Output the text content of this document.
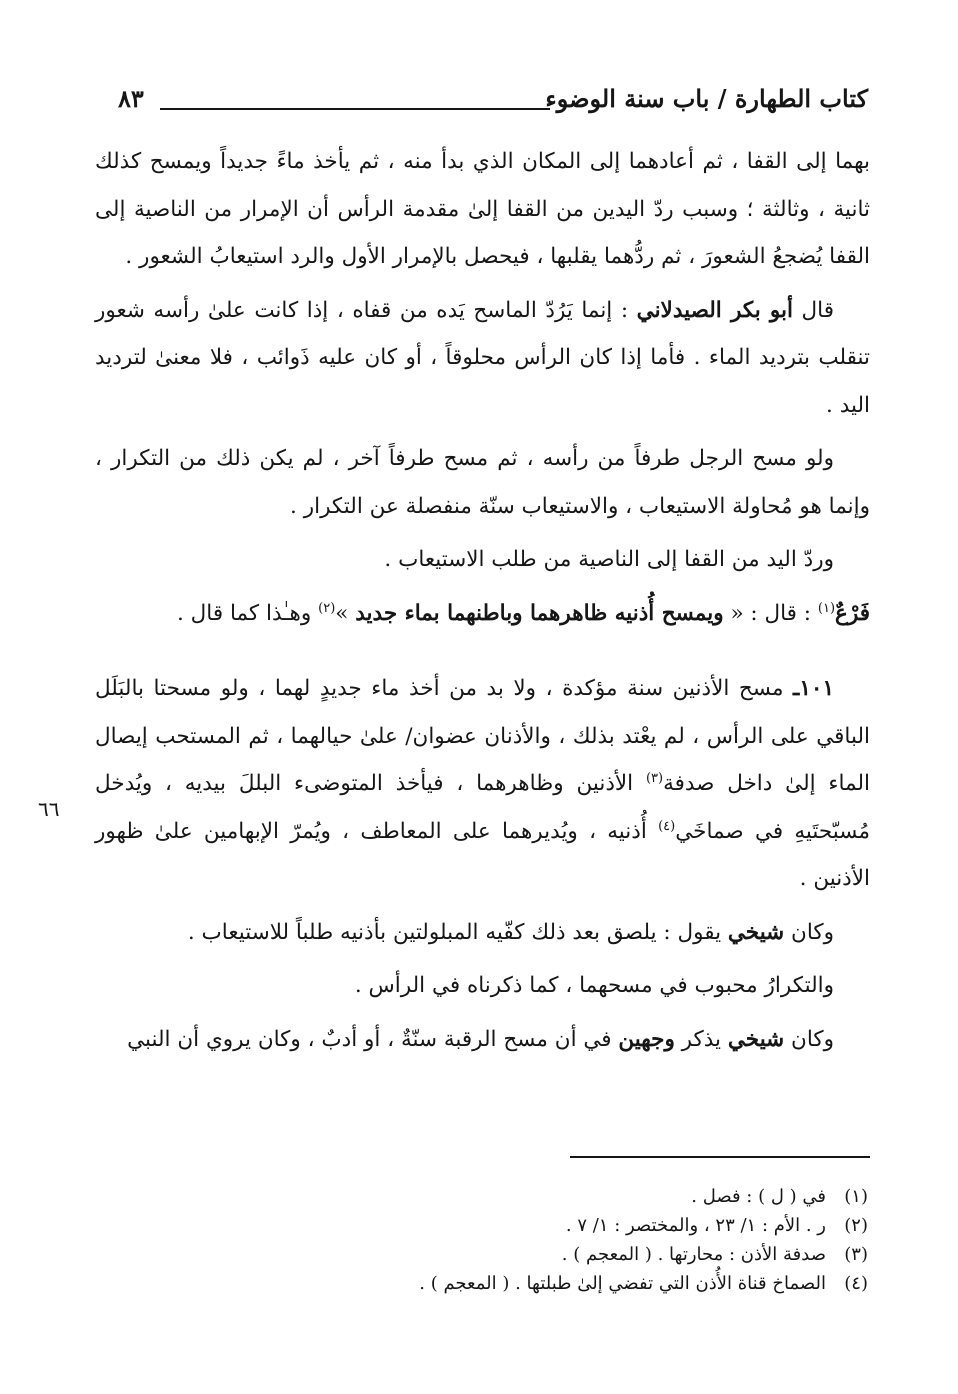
كتاب الطهارة / باب سنة الوضوء
٨٣
٦٦

بهما إلى القفا ، ثم أعادهما إلى المكان الذي بدأ منه ، ثم يأخذ ماءً جديداً ويمسح كذلك ثانية ، وثالثة ؛ وسبب ردّ اليدين من القفا إلىٰ مقدمة الرأس أن الإمرار من الناصية إلى القفا يُضجعُ الشعورَ ، ثم ردُّهما يقلبها ، فيحصل بالإمرار الأول والرد استيعابُ الشعور .

قال أبو بكر الصيدلاني : إنما يَرُدّ الماسح يَده من قفاه ، إذا كانت علىٰ رأسه شعور تنقلب بترديد الماء . فأما إذا كان الرأس محلوقاً ، أو كان عليه ذَوائب ، فلا معنىٰ لترديد اليد .

ولو مسح الرجل طرفاً من رأسه ، ثم مسح طرفاً آخر ، لم يكن ذلك من التكرار ، وإنما هو مُحاولة الاستيعاب ، والاستيعاب سنّة منفصلة عن التكرار .

وردّ اليد من القفا إلى الناصية من طلب الاستيعاب .

فَرْعٌ$^{(١)}$ : قال : « ويمسح أُذنيه ظاهرهما وباطنهما بماء جديد »$^{(٢)}$ وهـٰذا كما قال .

١٠١ـ مسح الأذنين سنة مؤكدة ، ولا بد من أخذ ماء جديدٍ لهما ، ولو مسحتا بالبَلَل الباقي على الرأس ، لم يعْتد بذلك ، والأذنان عضوان/ علىٰ حيالهما ، ثم المستحب إيصال الماء إلىٰ داخل صدفة$^{(٣)}$ الأذنين وظاهرهما ، فيأخذ المتوضىء البللَ بيديه ، ويُدخل مُسبّحتَيهِ في صماخَي$^{(٤)}$ أُذنيه ، ويُديرهما على المعاطف ، ويُمرّ الإبهامين علىٰ ظهور الأذنين .

وكان شيخي يقول : يلصق بعد ذلك كفّيه المبلولتين بأذنيه طلباً للاستيعاب .

والتكرارُ محبوب في مسحهما ، كما ذكرناه في الرأس .

وكان شيخي يذكر وجهين في أن مسح الرقبة سنّةٌ ، أو أدبٌ ، وكان يروي أن النبي

(١)في ( ل ) : فصل .
(٢)ر . الأم : ١/ ٢٣ ، والمختصر : ١/ ٧ .
(٣)صدفة الأذن : محارتها . ( المعجم ) .
(٤)الصماخ قناة الأُذن التي تفضي إلىٰ طبلتها . ( المعجم ) .
